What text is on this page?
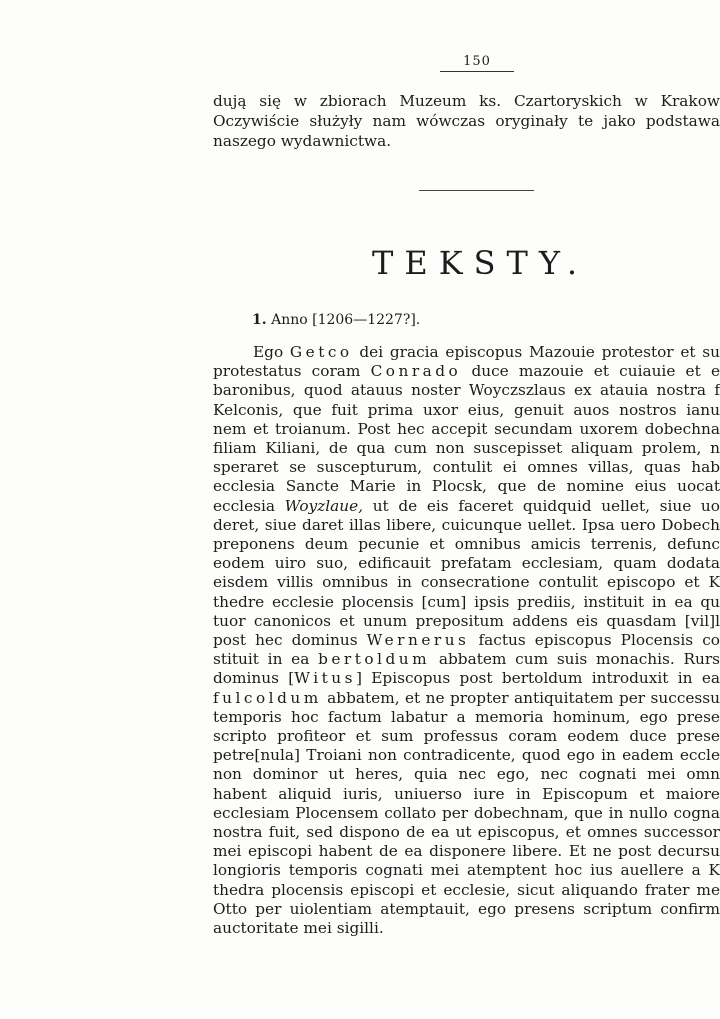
150
dują się w zbiorach Muzeum ks. Czartoryskich w Krakow
Oczywiście służyły nam wówczas oryginały te jako podstawa
naszego wydawnictwa.
TEKSTY.
1. Anno [1206—1227?].
Ego Getco dei gracia episcopus Mazouie protestor et su
protestatus coram Conrado duce mazouie et cuiauie et e
baronibus, quod atauus noster Woyczszlaus ex atauia nostra f
Kelconis, que fuit prima uxor eius, genuit auos nostros ianu
nem et troianum. Post hec accepit secundam uxorem dobechna
filiam Kiliani, de qua cum non suscepisset aliquam prolem, n
speraret se suscepturum, contulit ei omnes villas, quas hab
ecclesia Sancte Marie in Plocsk, que de nomine eius uocat
ecclesia Woyzlaue, ut de eis faceret quidquid uellet, siue uo
deret, siue daret illas libere, cuicunque uellet. Ipsa uero Dobech
preponens deum pecunie et omnibus amicis terrenis, defunc
eodem uiro suo, edificauit prefatam ecclesiam, quam dodata
eisdem villis omnibus in consecratione contulit episcopo et K
thedre ecclesie plocensis [cum] ipsis prediis, instituit in ea qu
tuor canonicos et unum prepositum addens eis quasdam [vil]l
post hec dominus Wernerus factus episcopus Plocensis co
stituit in ea bertoldum abbatem cum suis monachis. Rurs
dominus [Witus] Episcopus post bertoldum introduxit in ea
fulcoldum abbatem, et ne propter antiquitatem per successu
temporis hoc factum labatur a memoria hominum, ego prese
scripto profiteor et sum professus coram eodem duce prese
petre[nula] Troiani non contradicente, quod ego in eadem eccle
non dominor ut heres, quia nec ego, nec cognati mei omn
habent aliquid iuris, uniuerso iure in Episcopum et maiore
ecclesiam Plocensem collato per dobechnam, que in nullo cogna
nostra fuit, sed dispono de ea ut episcopus, et omnes successor
mei episcopi habent de ea disponere libere. Et ne post decursu
longioris temporis cognati mei atemptent hoc ius auellere a K
thedra plocensis episcopi et ecclesie, sicut aliquando frater me
Otto per uiolentiam atemptauit, ego presens scriptum confirm
auctoritate mei sigilli.
